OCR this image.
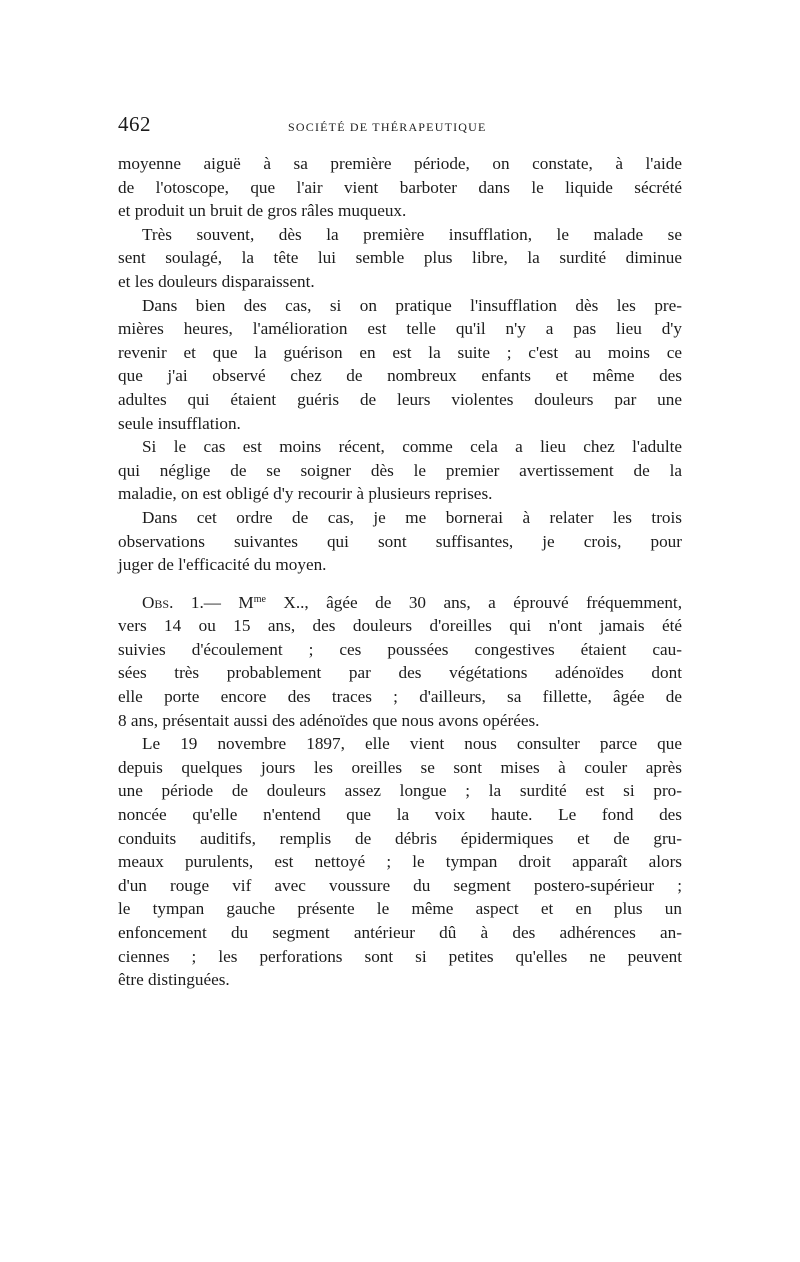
462	SOCIÉTÉ DE THÉRAPEUTIQUE

moyenne aiguë à sa première période, on constate, à l'aide
de l'otoscope, que l'air vient barboter dans le liquide sécrété
et produit un bruit de gros râles muqueux.

Très souvent, dès la première insufflation, le malade se
sent soulagé, la tête lui semble plus libre, la surdité diminue
et les douleurs disparaissent.

Dans bien des cas, si on pratique l'insufflation dès les pre-
mières heures, l'amélioration est telle qu'il n'y a pas lieu d'y
revenir et que la guérison en est la suite ; c'est au moins ce
que j'ai observé chez de nombreux enfants et même des
adultes qui étaient guéris de leurs violentes douleurs par une
seule insufflation.

Si le cas est moins récent, comme cela a lieu chez l'adulte
qui néglige de se soigner dès le premier avertissement de la
maladie, on est obligé d'y recourir à plusieurs reprises.

Dans cet ordre de cas, je me bornerai à relater les trois
observations suivantes qui sont suffisantes, je crois, pour
juger de l'efficacité du moyen.

Obs. 1.— $M^{me}$ X.., âgée de 30 ans, a éprouvé fréquemment,
vers 14 ou 15 ans, des douleurs d'oreilles qui n'ont jamais été
suivies d'écoulement ; ces poussées congestives étaient cau-
sées très probablement par des végétations adénoïdes dont
elle porte encore des traces ; d'ailleurs, sa fillette, âgée de
8 ans, présentait aussi des adénoïdes que nous avons opérées.

Le 19 novembre 1897, elle vient nous consulter parce que
depuis quelques jours les oreilles se sont mises à couler après
une période de douleurs assez longue ; la surdité est si pro-
noncée qu'elle n'entend que la voix haute. Le fond des
conduits auditifs, remplis de débris épidermiques et de gru-
meaux purulents, est nettoyé ; le tympan droit apparaît alors
d'un rouge vif avec voussure du segment postero-supérieur ;
le tympan gauche présente le même aspect et en plus un
enfoncement du segment antérieur dû à des adhérences an-
ciennes ; les perforations sont si petites qu'elles ne peuvent
être distinguées.
